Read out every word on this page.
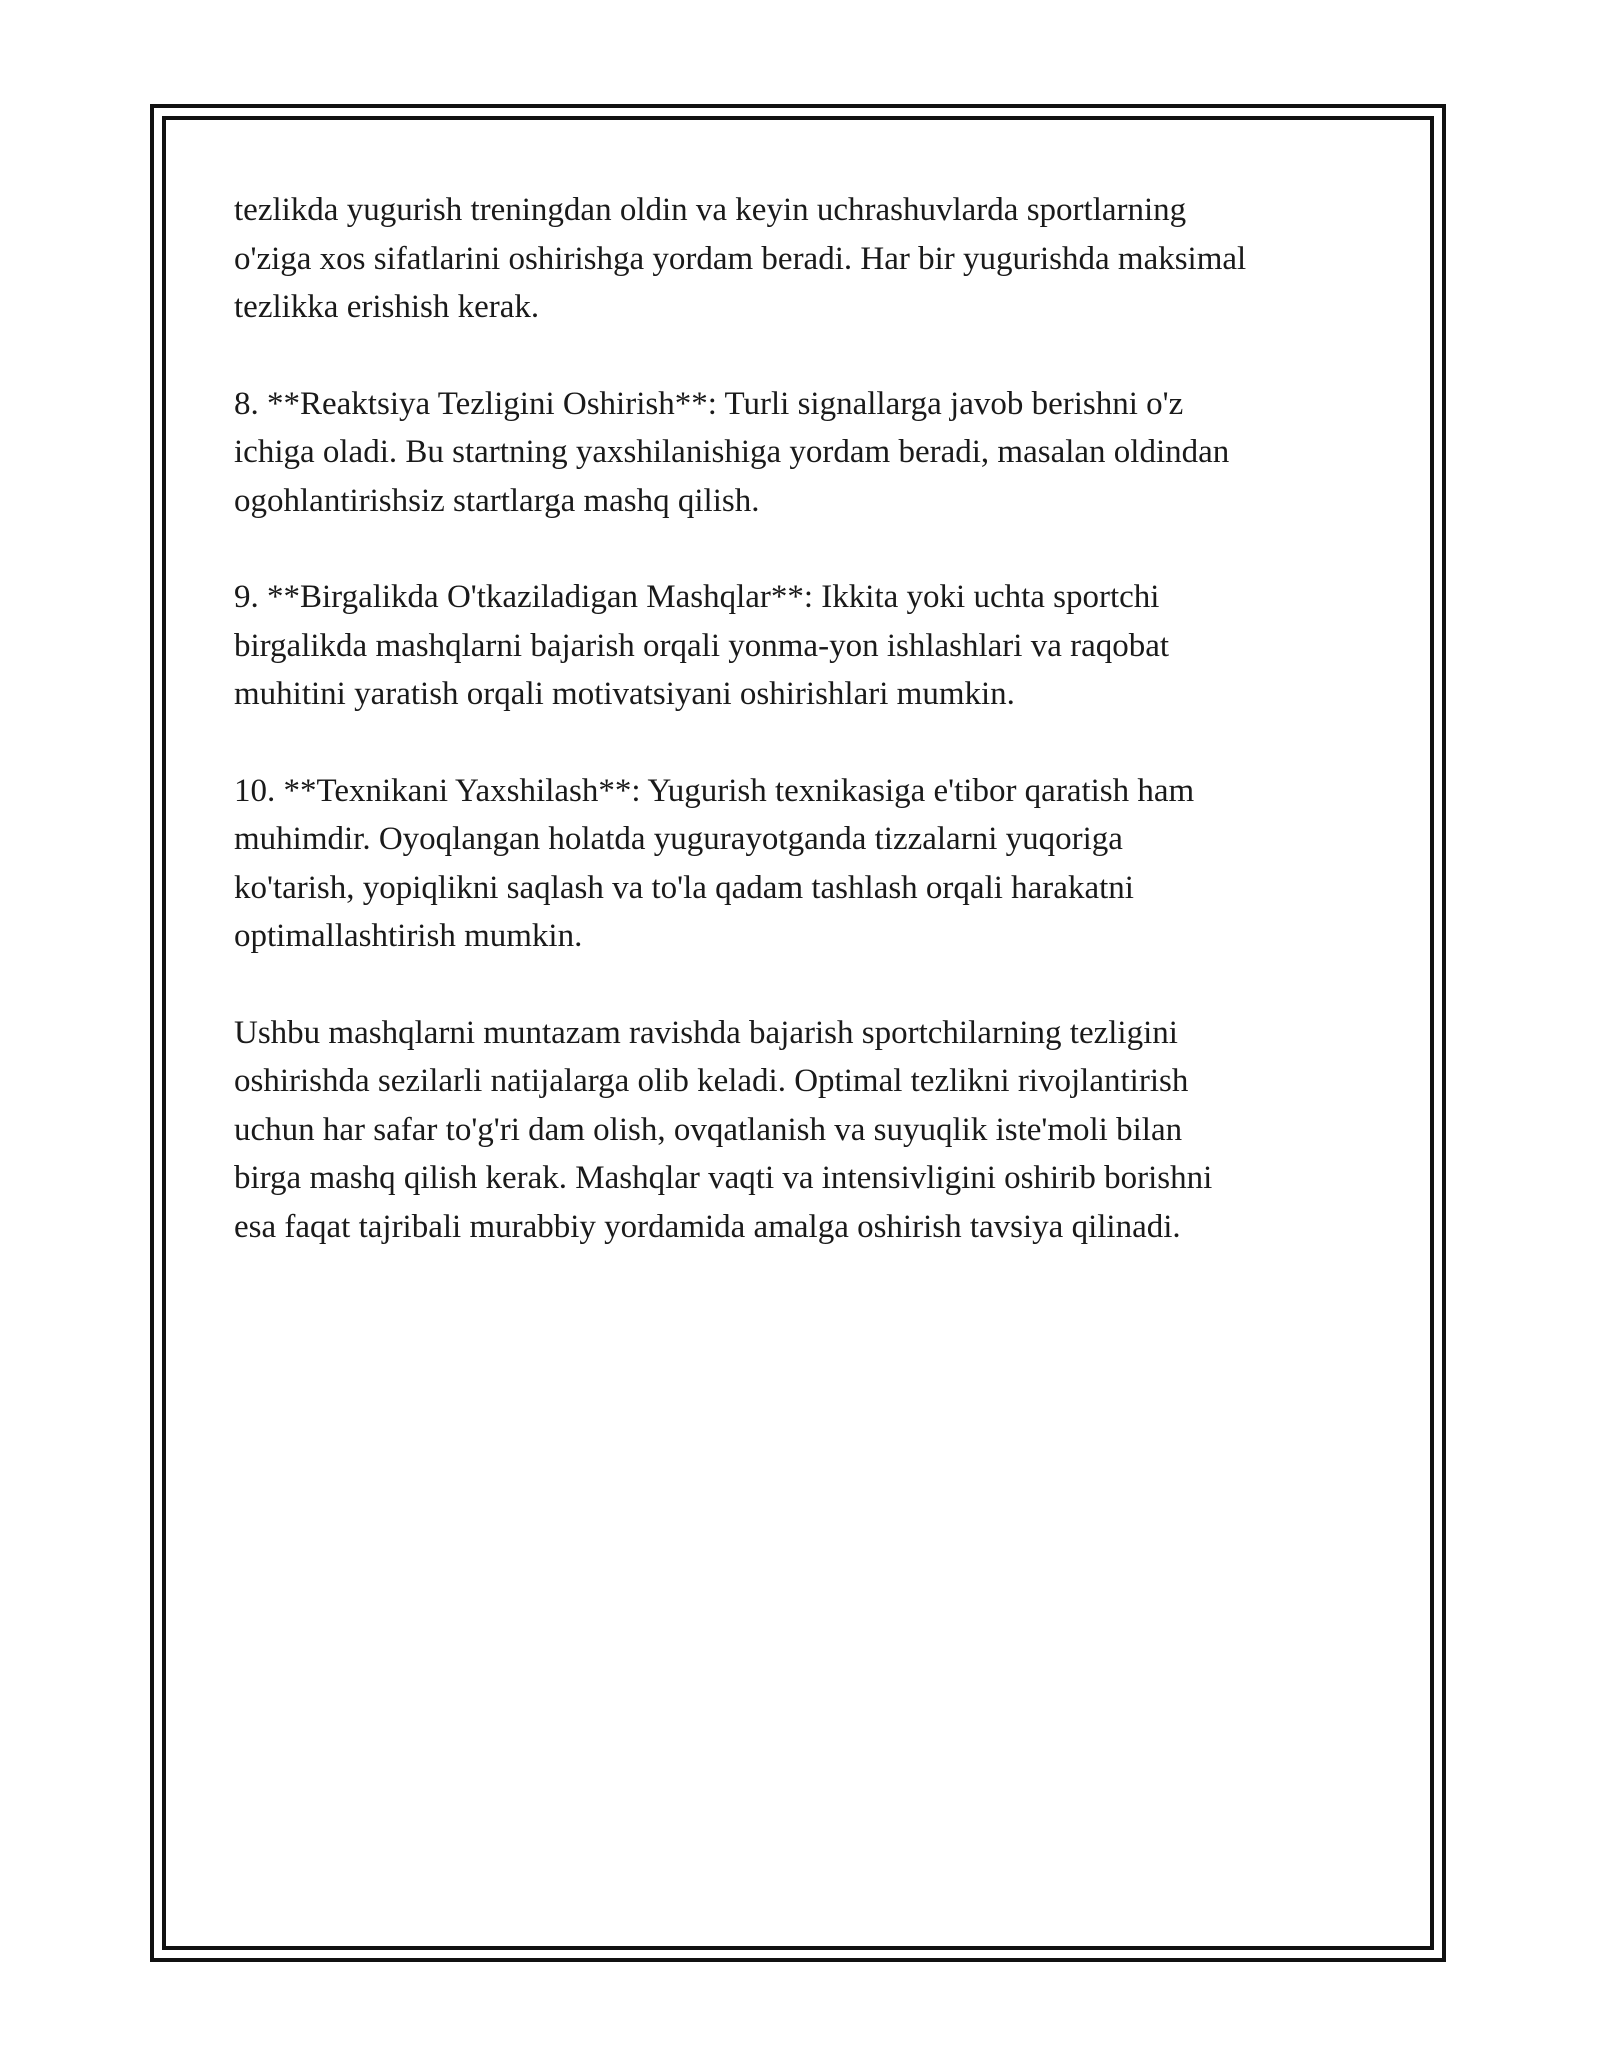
tezlikda yugurish treningdan oldin va keyin uchrashuvlarda sportlarning
o'ziga xos sifatlarini oshirishga yordam beradi. Har bir yugurishda maksimal
tezlikka erishish kerak.

8. **Reaktsiya Tezligini Oshirish**: Turli signallarga javob berishni o'z
ichiga oladi. Bu startning yaxshilanishiga yordam beradi, masalan oldindan
ogohlantirishsiz startlarga mashq qilish.

9. **Birgalikda O'tkaziladigan Mashqlar**: Ikkita yoki uchta sportchi
birgalikda mashqlarni bajarish orqali yonma-yon ishlashlari va raqobat
muhitini yaratish orqali motivatsiyani oshirishlari mumkin.

10. **Texnikani Yaxshilash**: Yugurish texnikasiga e'tibor qaratish ham
muhimdir. Oyoqlangan holatda yugurayotganda tizzalarni yuqoriga
ko'tarish, yopiqlikni saqlash va to'la qadam tashlash orqali harakatni
optimallashtirish mumkin.

Ushbu mashqlarni muntazam ravishda bajarish sportchilarning tezligini
oshirishda sezilarli natijalarga olib keladi. Optimal tezlikni rivojlantirish
uchun har safar to'g'ri dam olish, ovqatlanish va suyuqlik iste'moli bilan
birga mashq qilish kerak. Mashqlar vaqti va intensivligini oshirib borishni
esa faqat tajribali murabbiy yordamida amalga oshirish tavsiya qilinadi.
